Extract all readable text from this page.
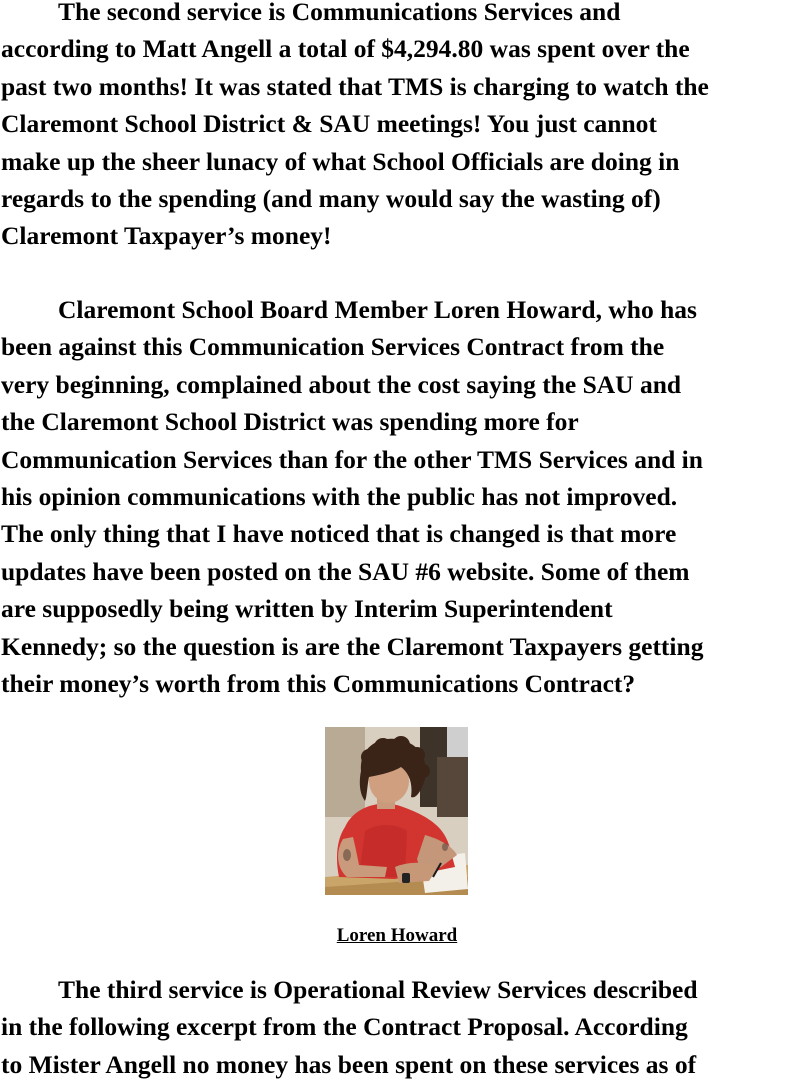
The second service is Communications Services and
according to Matt Angell a total of $4,294.80 was spent over the
past two months! It was stated that TMS is charging to watch the
Claremont School District & SAU meetings! You just cannot
make up the sheer lunacy of what School Officials are doing in
regards to the spending (and many would say the wasting of)
Claremont Taxpayer’s money!

Claremont School Board Member Loren Howard, who has
been against this Communication Services Contract from the
very beginning, complained about the cost saying the SAU and
the Claremont School District was spending more for
Communication Services than for the other TMS Services and in
his opinion communications with the public has not improved.
The only thing that I have noticed that is changed is that more
updates have been posted on the SAU #6 website. Some of them
are supposedly being written by Interim Superintendent
Kennedy; so the question is are the Claremont Taxpayers getting
their money’s worth from this Communications Contract?

Loren Howard

The third service is Operational Review Services described
in the following excerpt from the Contract Proposal. According
to Mister Angell no money has been spent on these services as of
